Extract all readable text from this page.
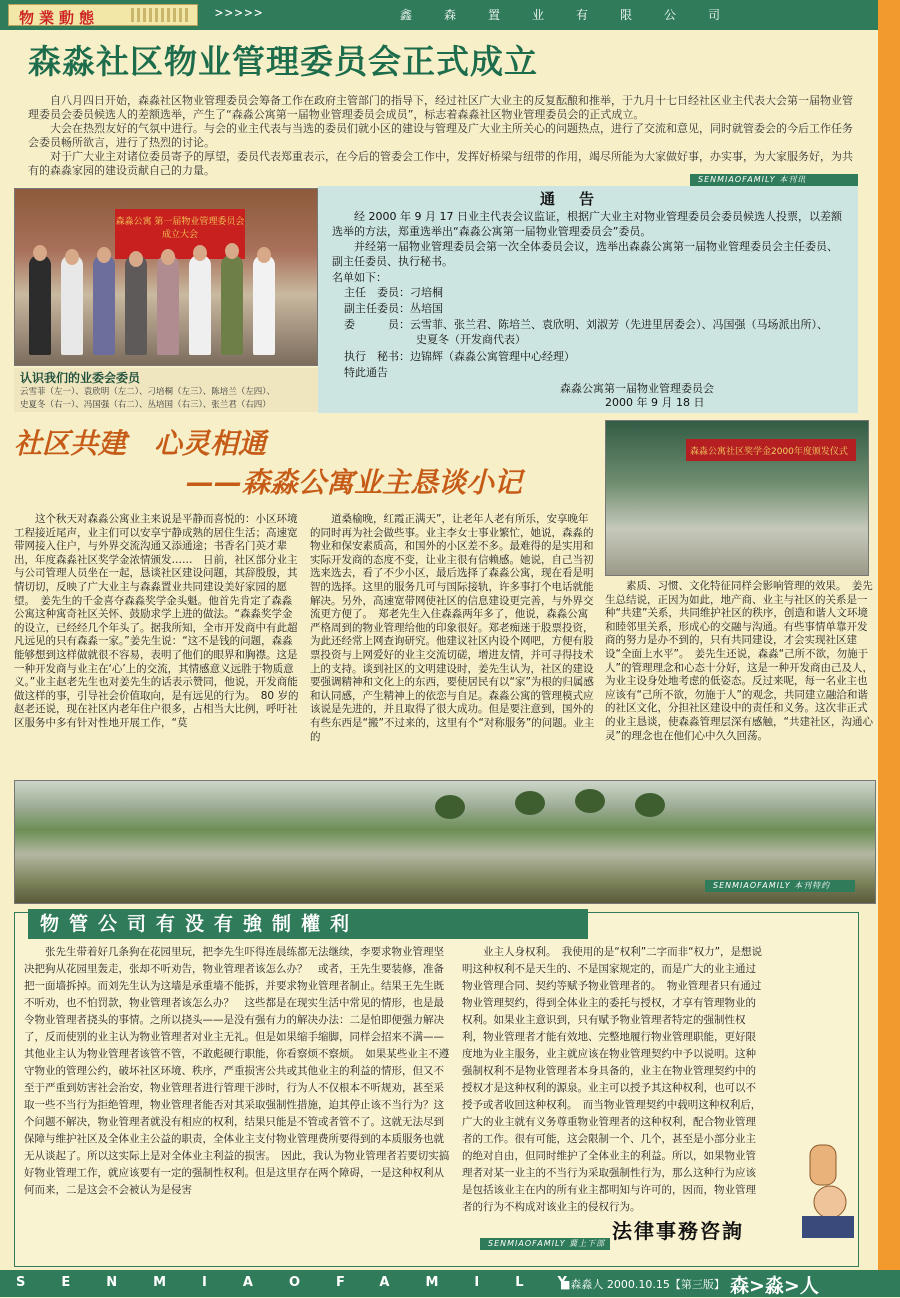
物業動態	>>>>>	鑫森置业有限公司
森淼社区物业管理委员会正式成立

自八月四日开始，森淼社区物业管理委员会筹备工作在政府主管部门的指导下，经过社区广大业主的反复酝酿和推举，于九月十七日经社区业主代表大会第一届物业管理委员会委员候选人的差额选举，产生了“森淼公寓第一届物业管理委员会成员”，标志着森淼社区物业管理委员会的正式成立。

大会在热烈友好的气氛中进行。与会的业主代表与当选的委员们就小区的建设与管理及广大业主所关心的问题热点，进行了交流和意见，同时就管委会的今后工作任务会委员畅所欲言，进行了热烈的讨论。

对于广大业主对诸位委员寄予的厚望，委员代表郑重表示，在今后的管委会工作中，发挥好桥梁与纽带的作用，竭尽所能为大家做好事，办实事，为大家服务好，为共有的森淼家园的建设贡献自己的力量。

SENMIAOFAMILY 本刊讯
森淼公寓 第一届物业管理委员会成立大会
认识我们的业委会委员
云雪菲（左一）、袁欣明（左二）、刁培桐（左三）、陈培兰（左四）、
史夏冬（右一）、冯国强（右二）、丛培国（右三）、张兰君（右四）
通告

经 2000 年 9 月 17 日业主代表会议监证，根据广大业主对物业管理委员会委员候选人投票，以差额选举的方法，郑重选举出“森淼公寓第一届物业管理委员会”委员。

并经第一届物业管理委员会第一次全体委员会议，选举出森淼公寓第一届物业管理委员会主任委员、副主任委员、执行秘书。

名单如下：
主任　委员：刁培桐
副主任委员：丛培国
委　　　员：云雪菲、张兰君、陈培兰、袁欣明、刘淑芳（先进里居委会）、冯国强（马场派出所）、
史夏冬（开发商代表）
执行　秘书：边锦辉（森淼公寓管理中心经理）
特此通告
森淼公寓第一届物业管理委员会
2000 年 9 月 18 日
社区共建　心灵相通
——森淼公寓业主恳谈小记
森淼公寓社区奖学金2000年度颁发仪式
这个秋天对森淼公寓业主来说是平静而喜悦的：小区环境工程接近尾声，业主们可以安享宁静成熟的居住生活；高速宽带网接入住户，与外界交流沟通又添通途；书香名门英才辈出，年度森淼社区奖学金浓情颁发……　日前，社区部分业主与公司管理人员坐在一起，恳谈社区建设问题，其辞殷殷，其情切切，反映了广大业主与森淼置业共同建设美好家园的愿望。　姜先生的千金喜夺森淼奖学金头魁。他首先肯定了森淼公寓这种寓奇社区关怀、鼓励求学上进的做法。“森淼奖学金的设立，已经经几个年头了。据我所知，全市开发商中有此超凡远见的只有森淼一家。”姜先生说：“这不是钱的问题，森淼能够想到这样做就很不容易，表明了他们的眼界和胸襟。这是一种开发商与业主在‘心’上的交流，其情感意义远胜于物质意义。”业主赵老先生也对姜先生的话表示赞同，他说，开发商能做这样的事，引导社会价值取向，是有远见的行为。　80 岁的赵老还说，现在社区内老年住户很多，占相当大比例，呼吁社区服务中多有针对性地开展工作，“莫
道桑榆晚，红霞正满天”，让老年人老有所乐，安享晚年的同时再为社会做些事。业主李女士事业繁忙，她说，森淼的物业和保安素质高，和国外的小区差不多。最难得的是实用和实际开发商的态度不变，让业主很有信赖感。她说，自己当初选来选去，看了不少小区，最后选择了森淼公寓，现在看是明智的选择。这里的服务几可与国际接轨，许多事打个电话就能解决。另外，高速宽带网使社区的信息建设更完善，与外界交流更方便了。　郑老先生入住森淼两年多了，他说，森淼公寓严格周到的物业管理给他的印象很好。郑老痴迷于股票投资，为此还经常上网查询研究。他建议社区内设个网吧，方便有股票投资与上网爱好的业主交流切磋，增进友情，并可寻得技术上的支持。谈到社区的文明建设时，姜先生认为，社区的建设要强调精神和文化上的东西，要使居民有以“家”为根的归属感和认同感，产生精神上的依恋与自足。森淼公寓的管理模式应该说是先进的，并且取得了很大成功。但是要注意到，国外的有些东西是“搬”不过来的，这里有个“对称服务”的问题。业主的
素质、习惯、文化特征同样会影响管理的效果。　姜先生总结说，正因为如此，地产商、业主与社区的关系是一种“共建”关系，共同维护社区的秩序，创造和谐人文环境和睦邻里关系，形成心的交融与沟通。有些事情单靠开发商的努力是办不到的，只有共同建设，才会实现社区建设“全面上水平”。　姜先生还说，森淼“己所不欲，勿施于人”的管理理念和心态十分好，这是一种开发商由己及人，为业主设身处地考虑的低姿态。反过来呢，每一名业主也应该有“己所不欲，勿施于人”的观念，共同建立融洽和谐的社区文化，分担社区建设中的责任和义务。这次非正式的业主恳谈，使森淼管理层深有感触，“共建社区，沟通心灵”的理念也在他们心中久久回荡。
SENMIAOFAMILY 本刊特约
物管公司有没有強制權利
张先生带着好几条狗在花园里玩，把李先生吓得连晨练都无法继续，李要求物业管理坚决把狗从花园里轰走，张却不听劝告，物业管理者该怎么办？　或者，王先生要装修，准备把一面墙拆掉。而刘先生认为这墙是承重墙不能拆，并要求物业管理者制止。结果王先生既不听劝，也不怕罚款，物业管理者该怎么办？　这些都是在现实生活中常见的情形，也是最令物业管理者挠头的事情。之所以挠头——是没有强有力的解决办法：二是怕即便强力解决了，反而使别的业主认为物业管理者对业主无礼。但是如果缩手缩脚，同样会招来不满——其他业主认为物业管理者该管不管，不敢彪硬行职能，你看察烦不察烦。　如果某些业主不遵守物业的管理公约，破坏社区环境、秩序，严重损害公共或其他业主的利益的情形，但又不至于严重到妨害社会治安，物业管理者进行管理干涉时，行为人不仅根本不听规劝，甚至采取一些不当行为拒绝管理，物业管理者能否对其采取强制性措施，迫其停止该不当行为？这个问题不解决，物业管理者就没有相应的权利，结果只能是不管或者管不了。这就无法尽到保障与维护社区及全体业主公益的职责，全体业主支付物业管理费所要得到的本质服务也就无从谈起了。所以这实际上是对全体业主利益的损害。　因此，我认为物业管理者若要切实搞好物业管理工作，就应该要有一定的强制性权利。但是这里存在两个障碍，一是这种权利从何而来，二是这会不会被认为是侵害
业主人身权利。　我使用的是“权利”二字而非“权力”，是想说明这种权利不是天生的、不是国家规定的，而是广大的业主通过物业管理合同、契约等赋予物业管理者的。　物业管理者只有通过物业管理契约，得到全体业主的委托与授权，才享有管理物业的权利。如果业主意识到，只有赋予物业管理者特定的强制性权利，物业管理者才能有效地、完整地履行物业管理职能，更好限度地为业主服务，业主就应该在物业管理契约中予以说明。这种强制权利不是物业管理者本身具备的，业主在物业管理契约中的授权才是这种权利的源泉。业主可以授予其这种权利，也可以不授予或者收回这种权利。　而当物业管理契约中载明这种权利后，广大的业主就有义务尊重物业管理者的这种权利，配合物业管理者的工作。很有可能，这会限制一个、几个，甚至是小部分业主的绝对自由，但同时维护了全体业主的利益。所以，如果物业管理者对某一业主的不当行为采取强制性行为，那么这种行为应该是包括该业主在内的所有业主都明知与许可的，因而，物业管理者的行为不构成对该业主的侵权行为。
SENMIAOFAMILY 冀上下部
法律事務咨詢
SENMIAOFAMILY
■森淼人 2000.10.15【第三版】 森>淼>人
